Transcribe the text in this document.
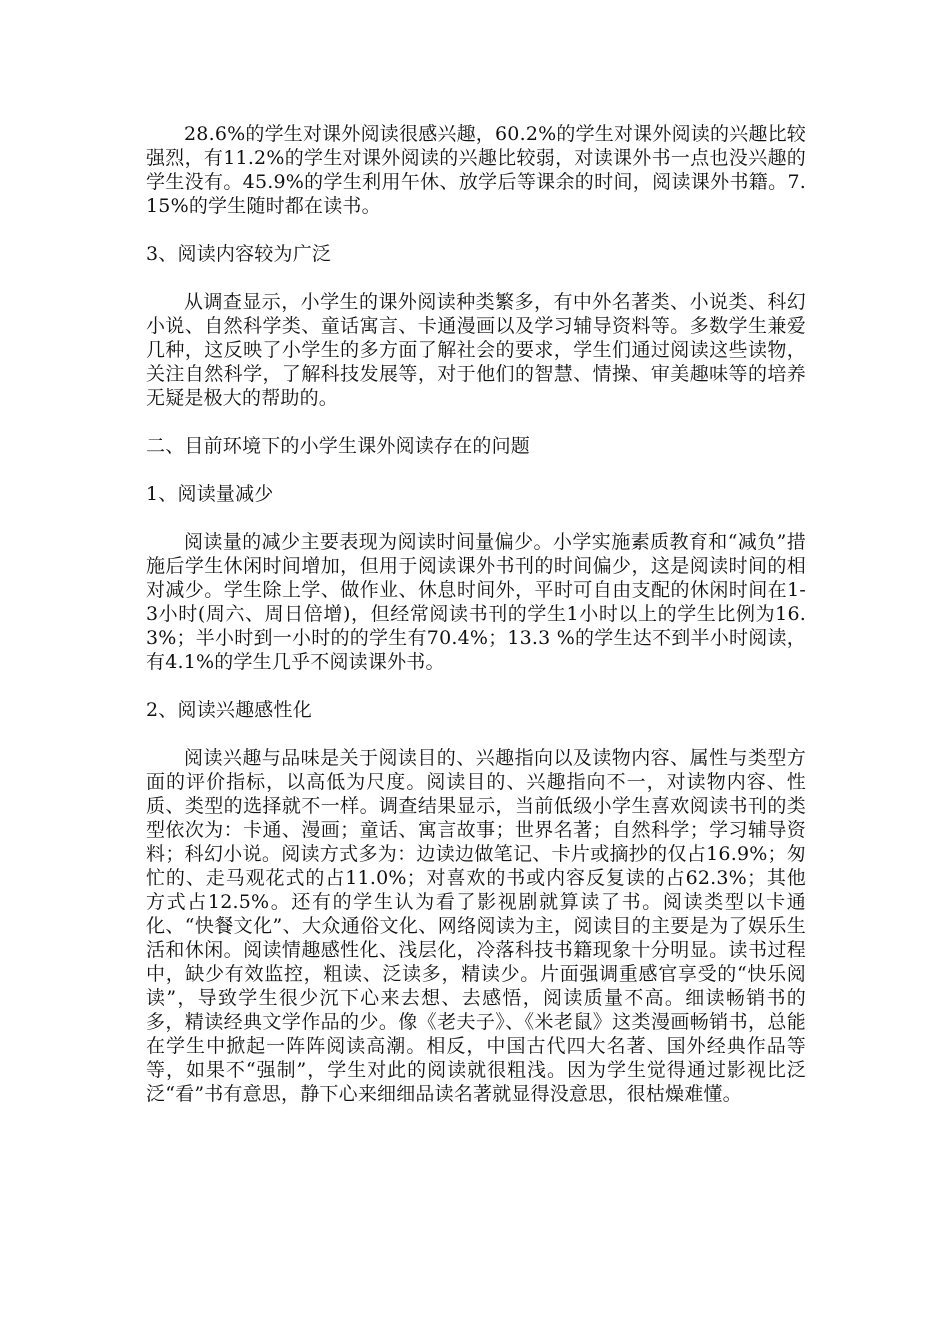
28.6%的学生对课外阅读很感兴趣，60.2%的学生对课外阅读的兴趣比较强烈，有11.2%的学生对课外阅读的兴趣比较弱，对读课外书一点也没兴趣的学生没有。45.9%的学生利用午休、放学后等课余的时间，阅读课外书籍。7.15%的学生随时都在读书。

3、阅读内容较为广泛

从调查显示，小学生的课外阅读种类繁多，有中外名著类、小说类、科幻小说、自然科学类、童话寓言、卡通漫画以及学习辅导资料等。多数学生兼爱几种，这反映了小学生的多方面了解社会的要求，学生们通过阅读这些读物，关注自然科学，了解科技发展等，对于他们的智慧、情操、审美趣味等的培养无疑是极大的帮助的。

二、目前环境下的小学生课外阅读存在的问题

1、阅读量减少

阅读量的减少主要表现为阅读时间量偏少。小学实施素质教育和“减负”措施后学生休闲时间增加，但用于阅读课外书刊的时间偏少，这是阅读时间的相对减少。学生除上学、做作业、休息时间外，平时可自由支配的休闲时间在1-3小时(周六、周日倍增)，但经常阅读书刊的学生1小时以上的学生比例为16.3%；半小时到一小时的的学生有70.4%；13.3 %的学生达不到半小时阅读，有4.1%的学生几乎不阅读课外书。

2、阅读兴趣感性化

阅读兴趣与品味是关于阅读目的、兴趣指向以及读物内容、属性与类型方面的评价指标，以高低为尺度。阅读目的、兴趣指向不一，对读物内容、性质、类型的选择就不一样。调查结果显示，当前低级小学生喜欢阅读书刊的类型依次为：卡通、漫画；童话、寓言故事；世界名著；自然科学；学习辅导资料；科幻小说。阅读方式多为：边读边做笔记、卡片或摘抄的仅占16.9%；匆忙的、走马观花式的占11.0%；对喜欢的书或内容反复读的占62.3%；其他方式占12.5%。还有的学生认为看了影视剧就算读了书。阅读类型以卡通化、“快餐文化”、大众通俗文化、网络阅读为主，阅读目的主要是为了娱乐生活和休闲。阅读情趣感性化、浅层化，冷落科技书籍现象十分明显。读书过程中，缺少有效监控，粗读、泛读多，精读少。片面强调重感官享受的“快乐阅读”，导致学生很少沉下心来去想、去感悟，阅读质量不高。细读畅销书的多，精读经典文学作品的少。像《老夫子》、《米老鼠》这类漫画畅销书，总能在学生中掀起一阵阵阅读高潮。相反，中国古代四大名著、国外经典作品等等，如果不“强制”，学生对此的阅读就很粗浅。因为学生觉得通过影视比泛泛“看”书有意思，静下心来细细品读名著就显得没意思，很枯燥难懂。
